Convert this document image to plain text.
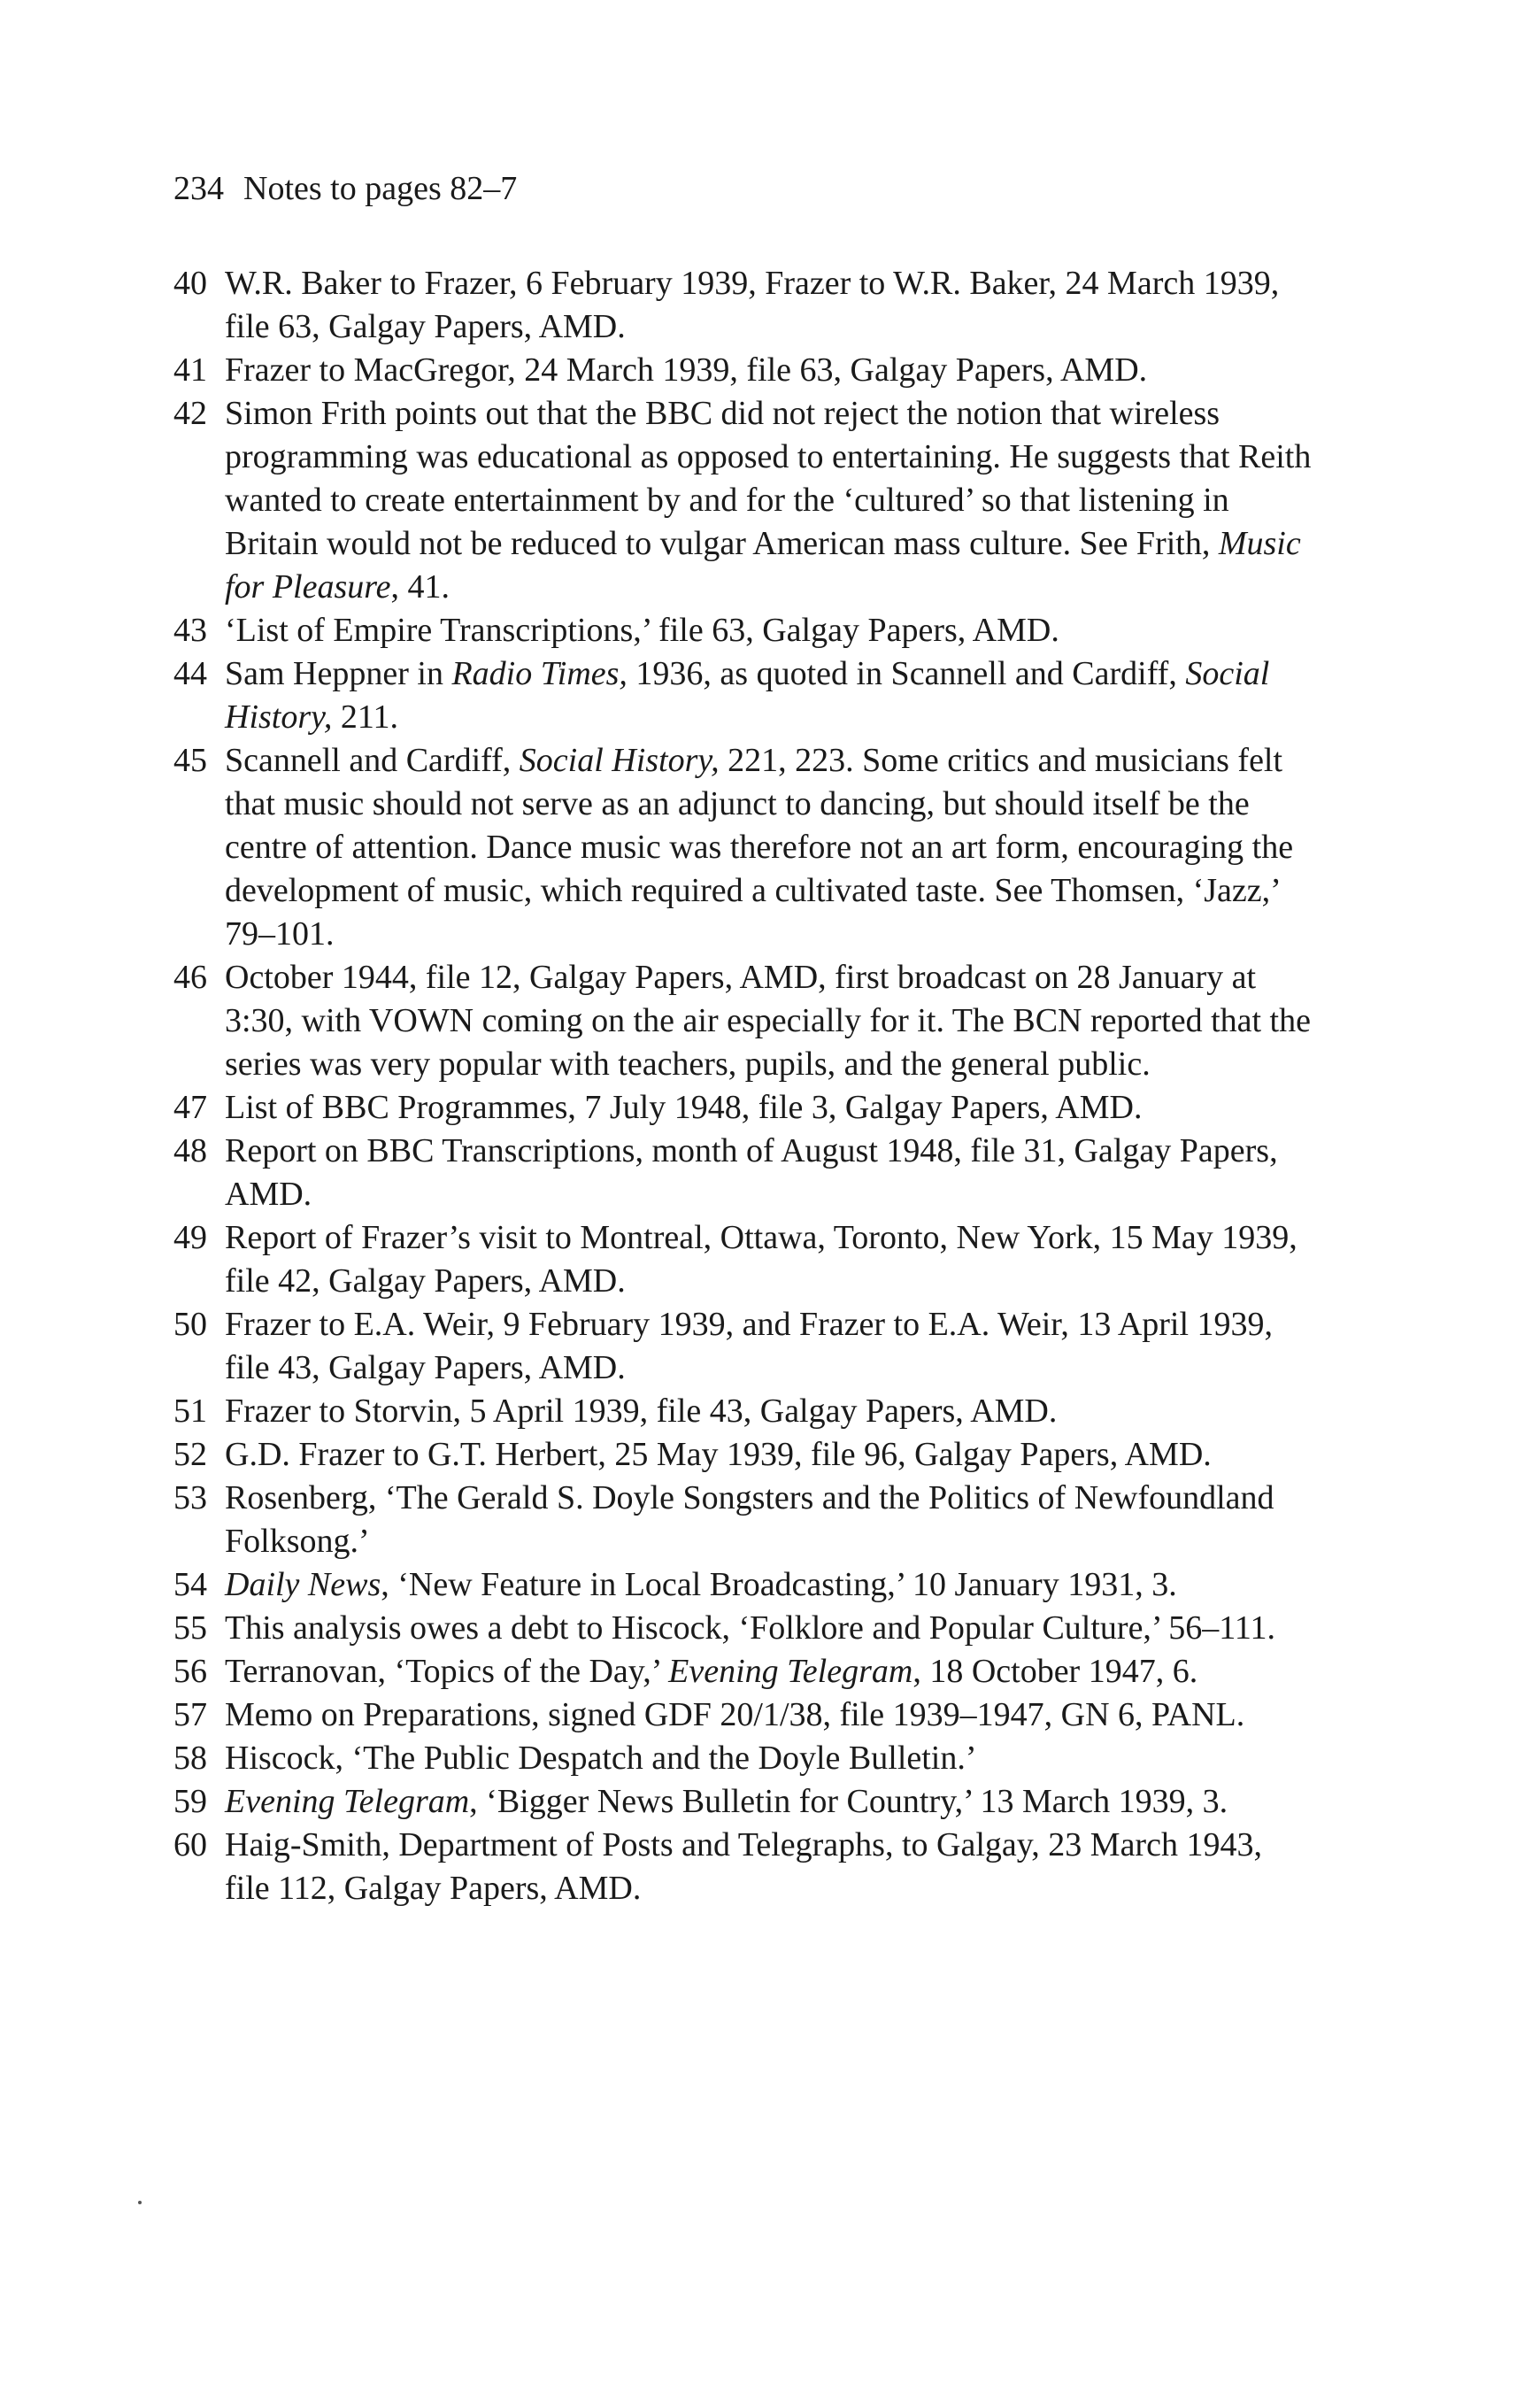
234 Notes to pages 82–7
40 W.R. Baker to Frazer, 6 February 1939, Frazer to W.R. Baker, 24 March 1939, file 63, Galgay Papers, AMD.
41 Frazer to MacGregor, 24 March 1939, file 63, Galgay Papers, AMD.
42 Simon Frith points out that the BBC did not reject the notion that wireless programming was educational as opposed to entertaining. He suggests that Reith wanted to create entertainment by and for the ‘cultured’ so that listening in Britain would not be reduced to vulgar American mass culture. See Frith, Music for Pleasure, 41.
43 ‘List of Empire Transcriptions,’ file 63, Galgay Papers, AMD.
44 Sam Heppner in Radio Times, 1936, as quoted in Scannell and Cardiff, Social History, 211.
45 Scannell and Cardiff, Social History, 221, 223. Some critics and musicians felt that music should not serve as an adjunct to dancing, but should itself be the centre of attention. Dance music was therefore not an art form, encouraging the development of music, which required a cultivated taste. See Thomsen, ‘Jazz,’ 79–101.
46 October 1944, file 12, Galgay Papers, AMD, first broadcast on 28 January at 3:30, with VOWN coming on the air especially for it. The BCN reported that the series was very popular with teachers, pupils, and the general public.
47 List of BBC Programmes, 7 July 1948, file 3, Galgay Papers, AMD.
48 Report on BBC Transcriptions, month of August 1948, file 31, Galgay Papers, AMD.
49 Report of Frazer’s visit to Montreal, Ottawa, Toronto, New York, 15 May 1939, file 42, Galgay Papers, AMD.
50 Frazer to E.A. Weir, 9 February 1939, and Frazer to E.A. Weir, 13 April 1939, file 43, Galgay Papers, AMD.
51 Frazer to Storvin, 5 April 1939, file 43, Galgay Papers, AMD.
52 G.D. Frazer to G.T. Herbert, 25 May 1939, file 96, Galgay Papers, AMD.
53 Rosenberg, ‘The Gerald S. Doyle Songsters and the Politics of Newfoundland Folksong.’
54 Daily News, ‘New Feature in Local Broadcasting,’ 10 January 1931, 3.
55 This analysis owes a debt to Hiscock, ‘Folklore and Popular Culture,’ 56–111.
56 Terranovan, ‘Topics of the Day,’ Evening Telegram, 18 October 1947, 6.
57 Memo on Preparations, signed GDF 20/1/38, file 1939–1947, GN 6, PANL.
58 Hiscock, ‘The Public Despatch and the Doyle Bulletin.’
59 Evening Telegram, ‘Bigger News Bulletin for Country,’ 13 March 1939, 3.
60 Haig-Smith, Department of Posts and Telegraphs, to Galgay, 23 March 1943, file 112, Galgay Papers, AMD.
